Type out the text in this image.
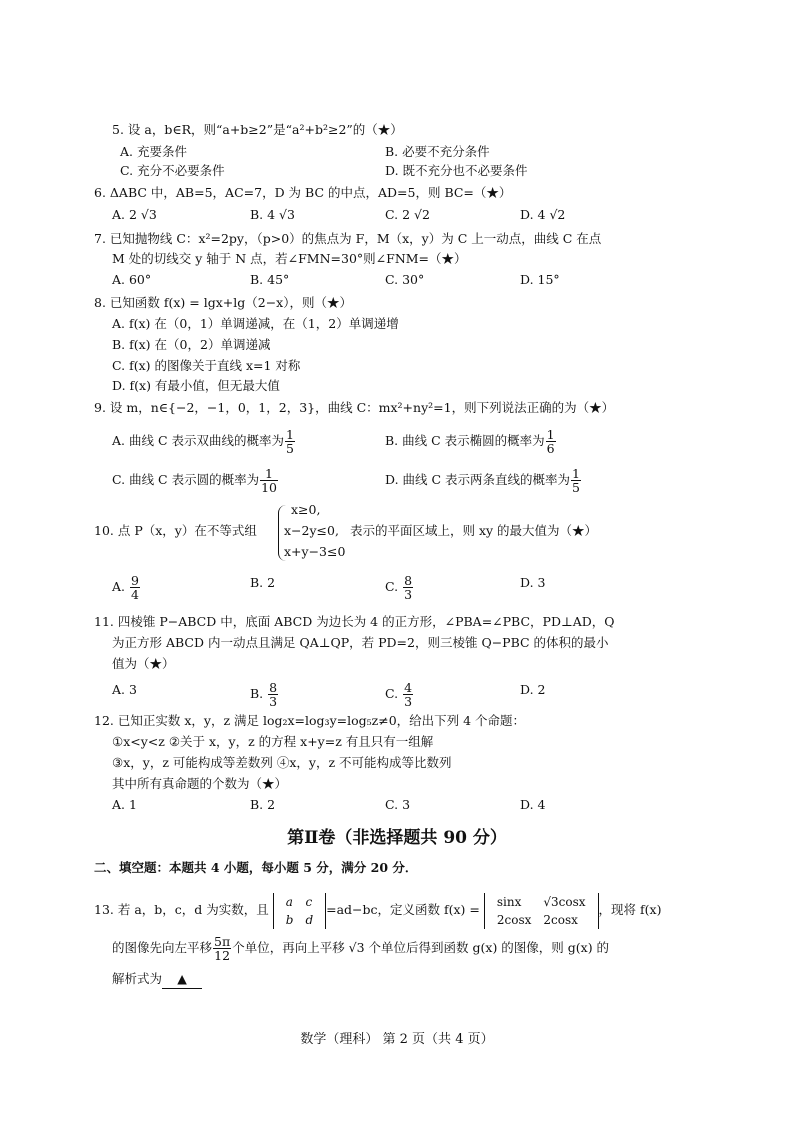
5. 设 a，b∈R，则“a+b≥2”是“a²+b²≥2”的（★）
A. 充要条件	B. 必要不充分条件
C. 充分不必要条件	D. 既不充分也不必要条件
6. ΔABC 中，AB=5，AC=7，D 为 BC 的中点，AD=5，则 BC=（★）
A. 2 √3	B. 4 √3	C. 2 √2	D. 4 √2
7. 已知抛物线 C：x²=2py，（p>0）的焦点为 F，M（x，y）为 C 上一动点，曲线 C 在点
M 处的切线交 y 轴于 N 点，若∠FMN=30°则∠FNM=（★）
A. 60°	B. 45°	C. 30°	D. 15°
8. 已知函数 f(x) = lgx+lg（2−x），则（★）
A. f(x) 在（0，1）单调递减，在（1，2）单调递增
B. f(x) 在（0，2）单调递减
C. f(x) 的图像关于直线 x=1 对称
D. f(x) 有最小值，但无最大值
9. 设 m，n∈{−2，−1，0，1，2，3}，曲线 C：mx²+ny²=1，则下列说法正确的为（★）
A. 曲线 C 表示双曲线的概率为 $\frac{1}{5}$	B. 曲线 C 表示椭圆的概率为 $\frac{1}{6}$
C. 曲线 C 表示圆的概率为 $\frac{1}{10}$	D. 曲线 C 表示两条直线的概率为 $\frac{1}{5}$
10. 点 P（x，y）在不等式组
x≥0,
x−2y≤0,
x+y−3≤0
表示的平面区域上，则 xy 的最大值为（★）
A. $\frac{9}{4}$	B. 2	C. $\frac{8}{3}$	D. 3
11. 四棱锥 P−ABCD 中，底面 ABCD 为边长为 4 的正方形，∠PBA=∠PBC，PD⊥AD，Q
为正方形 ABCD 内一动点且满足 QA⊥QP，若 PD=2，则三棱锥 Q−PBC 的体积的最小
值为（★）
A. 3	B. $\frac{8}{3}$	C. $\frac{4}{3}$	D. 2
12. 已知正实数 x，y，z 满足 log₂x=log₃y=log₅z≠0，给出下列 4 个命题：
①x<y<z ②关于 x，y，z 的方程 x+y=z 有且只有一组解
③x，y，z 可能构成等差数列 ④x，y，z 不可能构成等比数列
其中所有真命题的个数为（★）
A. 1	B. 2	C. 3	D. 4
第Ⅱ卷（非选择题共 90 分）
二、填空题：本题共 4 小题，每小题 5 分，满分 20 分．
13. 若 a，b，c，d 为实数，且
a	c
b	d
=ad−bc，定义函数 f(x) =
sinx	√3cosx
2cosx	2cosx
，现将 f(x)
的图像先向左平移 $\frac{5\pi}{12}$ 个单位，再向上平移 √3 个单位后得到函数 g(x) 的图像，则 g(x) 的
解析式为 ▲
数学（理科） 第 2 页（共 4 页）
